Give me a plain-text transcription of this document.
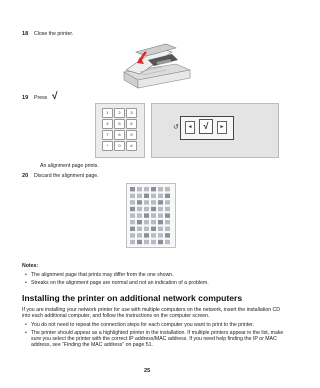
18 Close the printer.
19 Press √
1	2	3
4	5	6
7	8	9
*	0	#
↺	◄	√	►
An alignment page prints.
20 Discard the alignment page.
Notes:
• The alignment page that prints may differ from the one shown.
• Streaks on the alignment page are normal and not an indication of a problem.
Installing the printer on additional network computers
If you are installing your network printer for use with multiple computers on the network, insert the installation CD
into each additional computer, and follow the instructions on the computer screen.
• You do not need to repeat the connection steps for each computer you want to print to the printer.
• The printer should appear as a highlighted printer in the installation. If multiple printers appear in the list, make
sure you select the printer with the correct IP address/MAC address. If you need help finding the IP or MAC
address, see “Finding the MAC address” on page 51.
25
